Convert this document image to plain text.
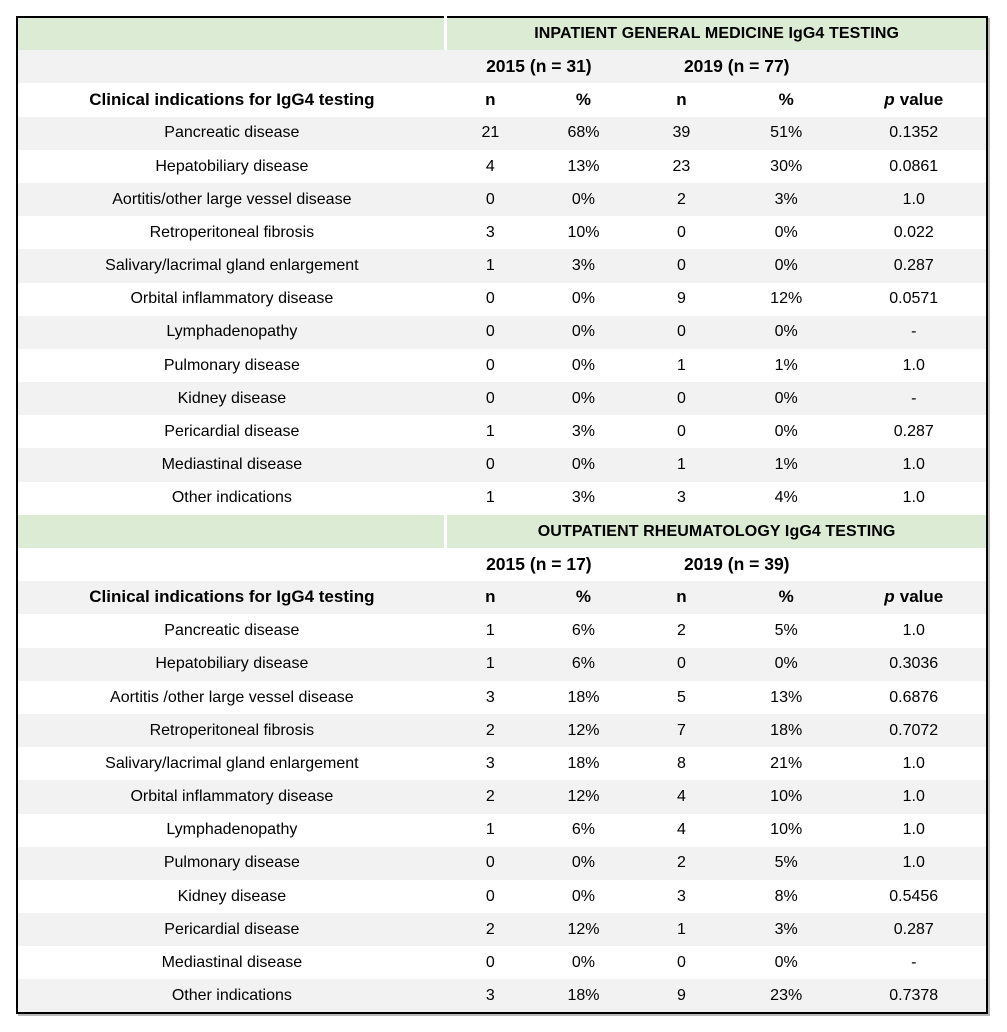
	INPATIENT GENERAL MEDICINE IgG4 TESTING				
	2015 (n = 31)		2019 (n = 77)		
Clinical indications for IgG4 testing	n	%	n	%	p value
Pancreatic disease	21	68%	39	51%	0.1352
Hepatobiliary disease	4	13%	23	30%	0.0861
Aortitis/other large vessel disease	0	0%	2	3%	1.0
Retroperitoneal fibrosis	3	10%	0	0%	0.022
Salivary/lacrimal gland enlargement	1	3%	0	0%	0.287
Orbital inflammatory disease	0	0%	9	12%	0.0571
Lymphadenopathy	0	0%	0	0%	-
Pulmonary disease	0	0%	1	1%	1.0
Kidney disease	0	0%	0	0%	-
Pericardial disease	1	3%	0	0%	0.287
Mediastinal disease	0	0%	1	1%	1.0
Other indications	1	3%	3	4%	1.0
	OUTPATIENT RHEUMATOLOGY IgG4 TESTING				
	2015 (n = 17)		2019 (n = 39)		
Clinical indications for IgG4 testing	n	%	n	%	p value
Pancreatic disease	1	6%	2	5%	1.0
Hepatobiliary disease	1	6%	0	0%	0.3036
Aortitis /other large vessel disease	3	18%	5	13%	0.6876
Retroperitoneal fibrosis	2	12%	7	18%	0.7072
Salivary/lacrimal gland enlargement	3	18%	8	21%	1.0
Orbital inflammatory disease	2	12%	4	10%	1.0
Lymphadenopathy	1	6%	4	10%	1.0
Pulmonary disease	0	0%	2	5%	1.0
Kidney disease	0	0%	3	8%	0.5456
Pericardial disease	2	12%	1	3%	0.287
Mediastinal disease	0	0%	0	0%	-
Other indications	3	18%	9	23%	0.7378
